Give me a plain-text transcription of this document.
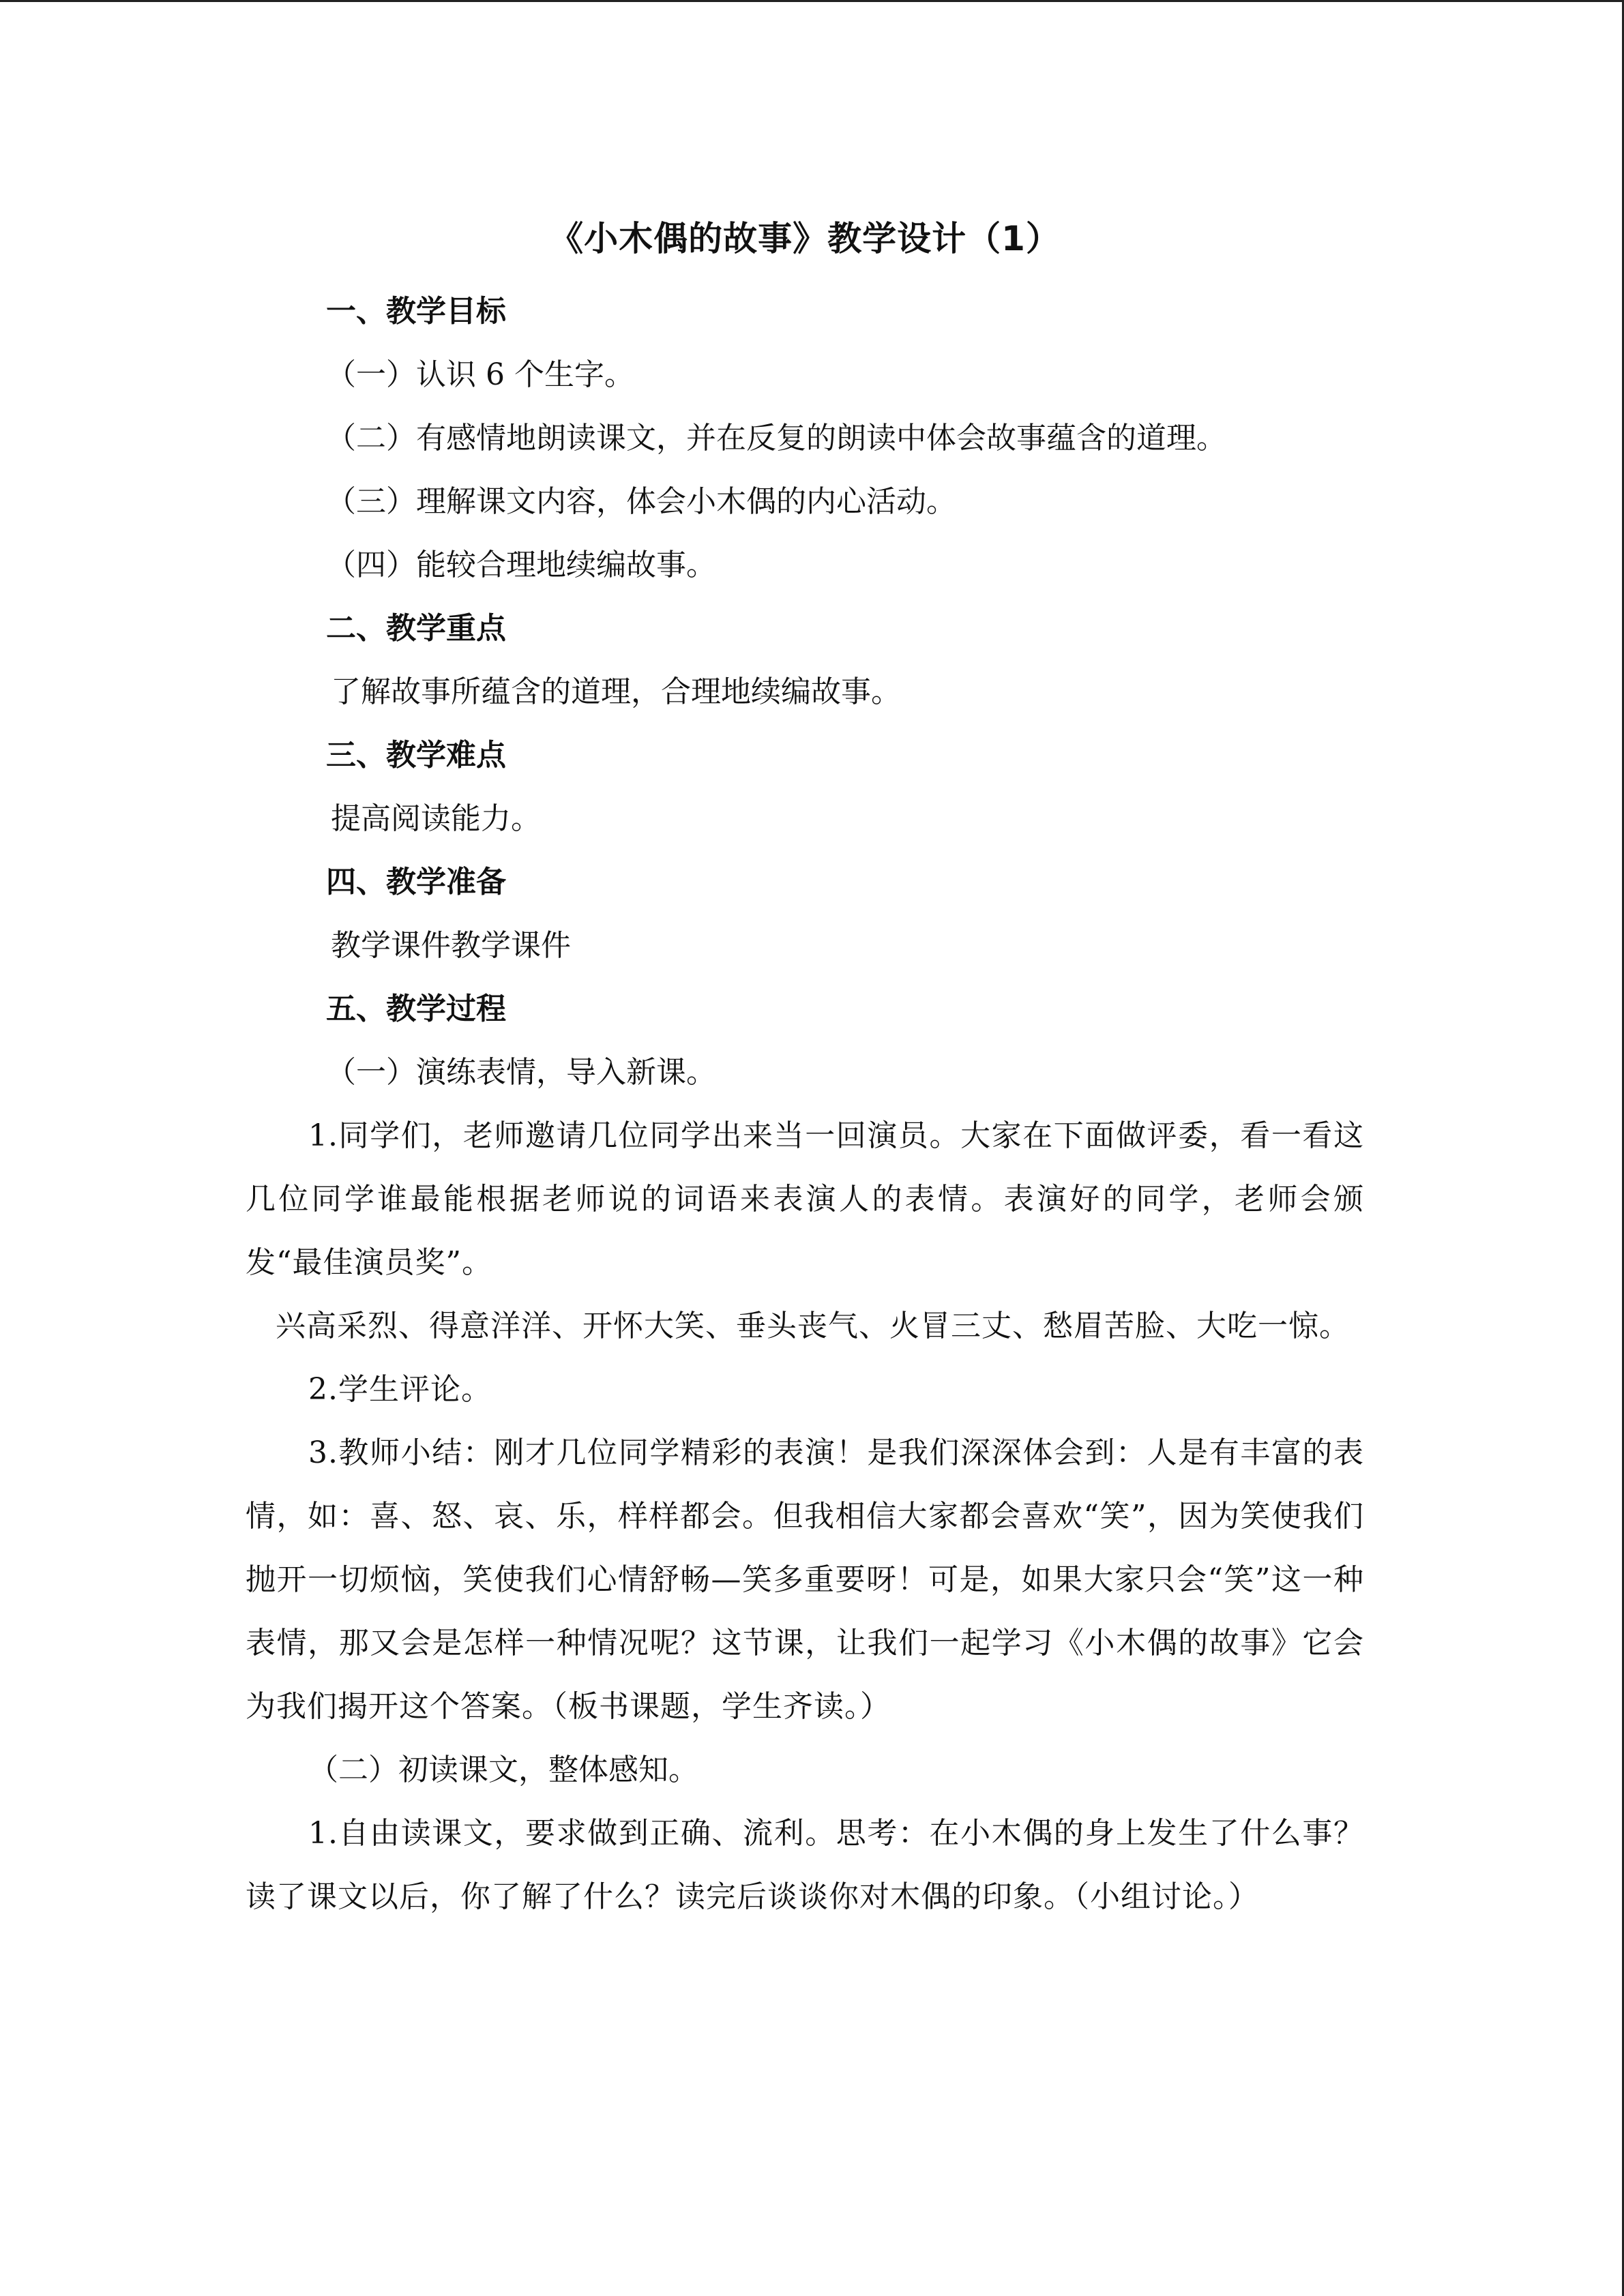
《小木偶的故事》教学设计（1）
一、教学目标
（一）认识 6 个生字。
（二）有感情地朗读课文，并在反复的朗读中体会故事蕴含的道理。
（三）理解课文内容，体会小木偶的内心活动。
（四）能较合理地续编故事。
二、教学重点
了解故事所蕴含的道理，合理地续编故事。
三、教学难点
提高阅读能力。
四、教学准备
教学课件教学课件
五、教学过程
（一）演练表情，导入新课。
1.同学们，老师邀请几位同学出来当一回演员。大家在下面做评委，看一看这几位同学谁最能根据老师说的词语来表演人的表情。表演好的同学，老师会颁发“最佳演员奖”。
兴高采烈、得意洋洋、开怀大笑、垂头丧气、火冒三丈、愁眉苦脸、大吃一惊。
2.学生评论。
3.教师小结：刚才几位同学精彩的表演！是我们深深体会到：人是有丰富的表情，如：喜、怒、哀、乐，样样都会。但我相信大家都会喜欢“笑”，因为笑使我们抛开一切烦恼，笑使我们心情舒畅—笑多重要呀！可是，如果大家只会“笑”这一种表情，那又会是怎样一种情况呢？这节课，让我们一起学习《小木偶的故事》它会为我们揭开这个答案。（板书课题，学生齐读。）
（二）初读课文，整体感知。
1.自由读课文，要求做到正确、流利。思考：在小木偶的身上发生了什么事？读了课文以后，你了解了什么？读完后谈谈你对木偶的印象。（小组讨论。）
